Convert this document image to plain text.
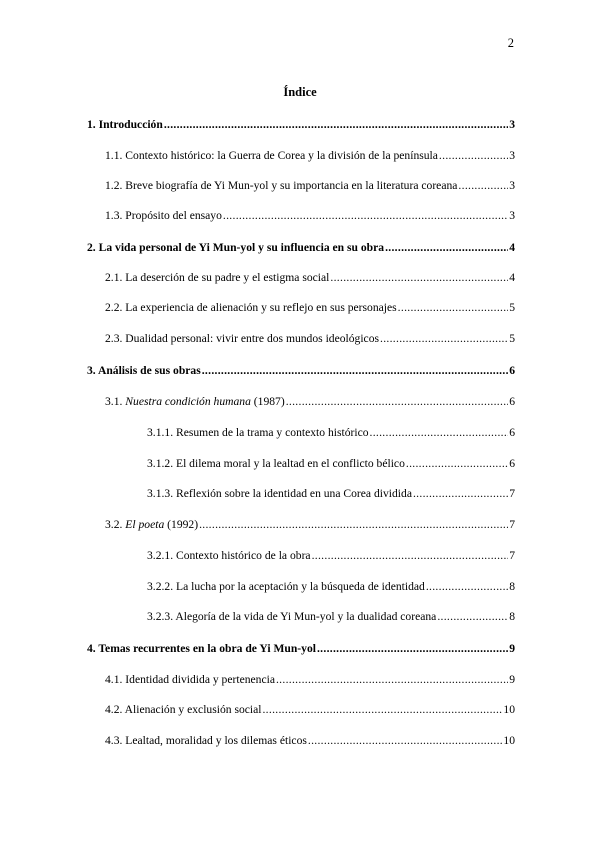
2
Índice
1. Introducción .....	3
1.1. Contexto histórico: la Guerra de Corea y la división de la península .....	3
1.2. Breve biografía de Yi Mun-yol y su importancia en la literatura coreana .....	3
1.3. Propósito del ensayo .....	3
2. La vida personal de Yi Mun-yol y su influencia en su obra .....	4
2.1. La deserción de su padre y el estigma social .....	4
2.2. La experiencia de alienación y su reflejo en sus personajes .....	5
2.3. Dualidad personal: vivir entre dos mundos ideológicos .....	5
3. Análisis de sus obras .....	6
3.1. Nuestra condición humana (1987) .....	6
3.1.1. Resumen de la trama y contexto histórico .....	6
3.1.2. El dilema moral y la lealtad en el conflicto bélico .....	6
3.1.3. Reflexión sobre la identidad en una Corea dividida .....	7
3.2. El poeta (1992) .....	7
3.2.1. Contexto histórico de la obra .....	7
3.2.2. La lucha por la aceptación y la búsqueda de identidad .....	8
3.2.3. Alegoría de la vida de Yi Mun-yol y la dualidad coreana .....	8
4. Temas recurrentes en la obra de Yi Mun-yol .....	9
4.1. Identidad dividida y pertenencia .....	9
4.2. Alienación y exclusión social .....	10
4.3. Lealtad, moralidad y los dilemas éticos .....	10
